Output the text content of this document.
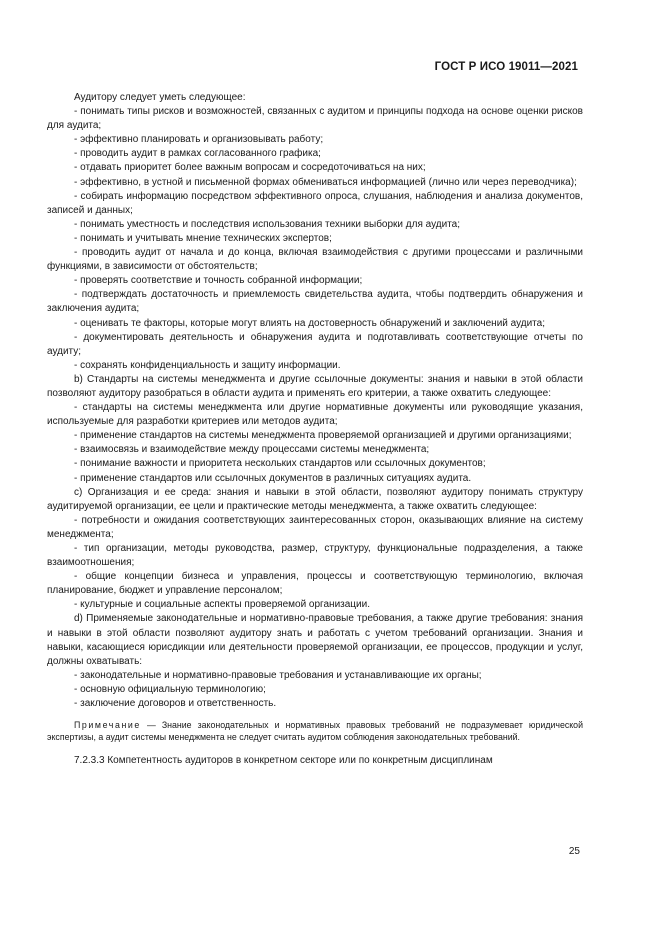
ГОСТ Р ИСО 19011—2021

Аудитору следует уметь следующее:

- понимать типы рисков и возможностей, связанных с аудитом и принципы подхода на основе оценки рисков для аудита;

- эффективно планировать и организовывать работу;

- проводить аудит в рамках согласованного графика;

- отдавать приоритет более важным вопросам и сосредоточиваться на них;

- эффективно, в устной и письменной формах обмениваться информацией (лично или через переводчика);

- собирать информацию посредством эффективного опроса, слушания, наблюдения и анализа документов, записей и данных;

- понимать уместность и последствия использования техники выборки для аудита;

- понимать и учитывать мнение технических экспертов;

- проводить аудит от начала и до конца, включая взаимодействия с другими процессами и различными функциями, в зависимости от обстоятельств;

- проверять соответствие и точность собранной информации;

- подтверждать достаточность и приемлемость свидетельства аудита, чтобы подтвердить обнаружения и заключения аудита;

- оценивать те факторы, которые могут влиять на достоверность обнаружений и заключений аудита;

- документировать деятельность и обнаружения аудита и подготавливать соответствующие отчеты по аудиту;

- сохранять конфиденциальность и защиту информации.

b) Стандарты на системы менеджмента и другие ссылочные документы: знания и навыки в этой области позволяют аудитору разобраться в области аудита и применять его критерии, а также охватить следующее:

- стандарты на системы менеджмента или другие нормативные документы или руководящие указания, используемые для разработки критериев или методов аудита;

- применение стандартов на системы менеджмента проверяемой организацией и другими организациями;

- взаимосвязь и взаимодействие между процессами системы менеджмента;

- понимание важности и приоритета нескольких стандартов или ссылочных документов;

- применение стандартов или ссылочных документов в различных ситуациях аудита.

c) Организация и ее среда: знания и навыки в этой области, позволяют аудитору понимать структуру аудитируемой организации, ее цели и практические методы менеджмента, а также охватить следующее:

- потребности и ожидания соответствующих заинтересованных сторон, оказывающих влияние на систему менеджмента;

- тип организации, методы руководства, размер, структуру, функциональные подразделения, а также взаимоотношения;

- общие концепции бизнеса и управления, процессы и соответствующую терминологию, включая планирование, бюджет и управление персоналом;

- культурные и социальные аспекты проверяемой организации.

d) Применяемые законодательные и нормативно-правовые требования, а также другие требования: знания и навыки в этой области позволяют аудитору знать и работать с учетом требований организации. Знания и навыки, касающиеся юрисдикции или деятельности проверяемой организации, ее процессов, продукции и услуг, должны охватывать:

- законодательные и нормативно-правовые требования и устанавливающие их органы;

- основную официальную терминологию;

- заключение договоров и ответственность.

Примечание — Знание законодательных и нормативных правовых требований не подразумевает юридической экспертизы, а аудит системы менеджмента не следует считать аудитом соблюдения законодательных требований.

7.2.3.3 Компетентность аудиторов в конкретном секторе или по конкретным дисциплинам

25
